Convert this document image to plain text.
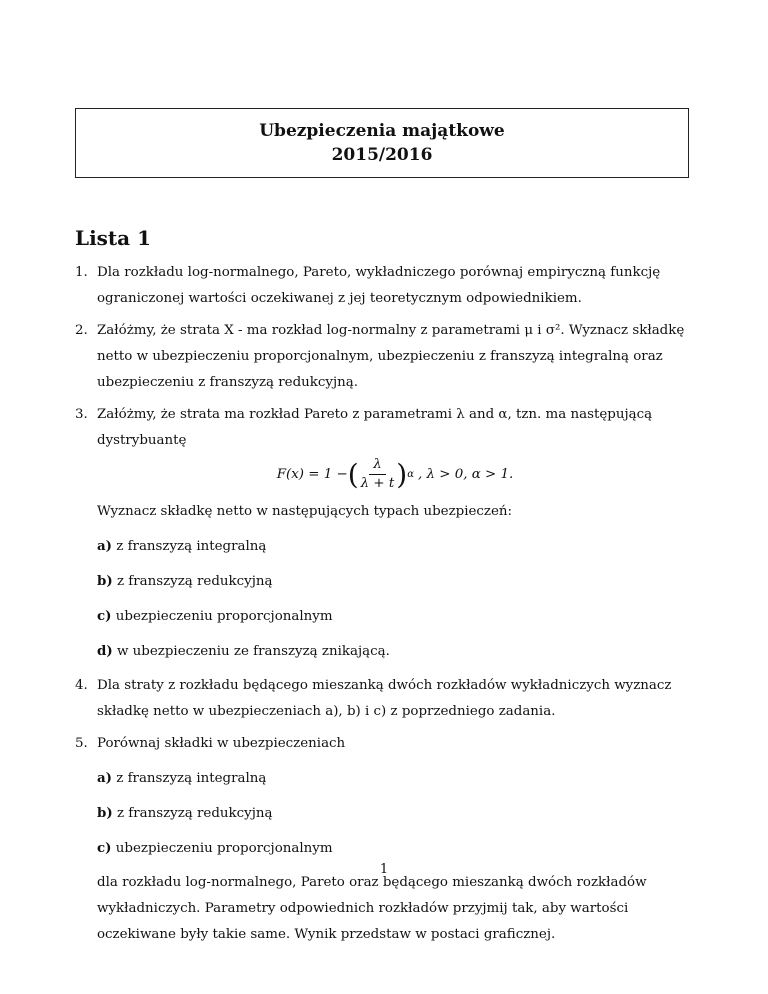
Ubezpieczenia majątkowe
2015/2016
Lista 1
1. Dla rozkładu log-normalnego, Pareto, wykładniczego porównaj empiryczną funkcję ograniczonej wartości oczekiwanej z jej teoretycznym odpowiednikiem.
2. Załóżmy, że strata X - ma rozkład log-normalny z parametrami μ i σ². Wyznacz składkę netto w ubezpieczeniu proporcjonalnym, ubezpieczeniu z franszyzą integralną oraz ubezpieczeniu z franszyzą redukcyjną.
3. Załóżmy, że strata ma rozkład Pareto z parametrami λ and α, tzn. ma następującą dystrybuantę
F(x) = 1 − ( $\frac{\lambda}{\lambda + t}$ ) α , λ > 0, α > 1.
Wyznacz składkę netto w następujących typach ubezpieczeń:
a) z franszyzą integralną
b) z franszyzą redukcyjną
c) ubezpieczeniu proporcjonalnym
d) w ubezpieczeniu ze franszyzą znikającą.
4. Dla straty z rozkładu będącego mieszanką dwóch rozkładów wykładniczych wyznacz składkę netto w ubezpieczeniach a), b) i c) z poprzedniego zadania.
5. Porównaj składki w ubezpieczeniach
a) z franszyzą integralną
b) z franszyzą redukcyjną
c) ubezpieczeniu proporcjonalnym
dla rozkładu log-normalnego, Pareto oraz będącego mieszanką dwóch rozkładów wykładniczych. Parametry odpowiednich rozkładów przyjmij tak, aby wartości oczekiwane były takie same. Wynik przedstaw w postaci graficznej.
1
